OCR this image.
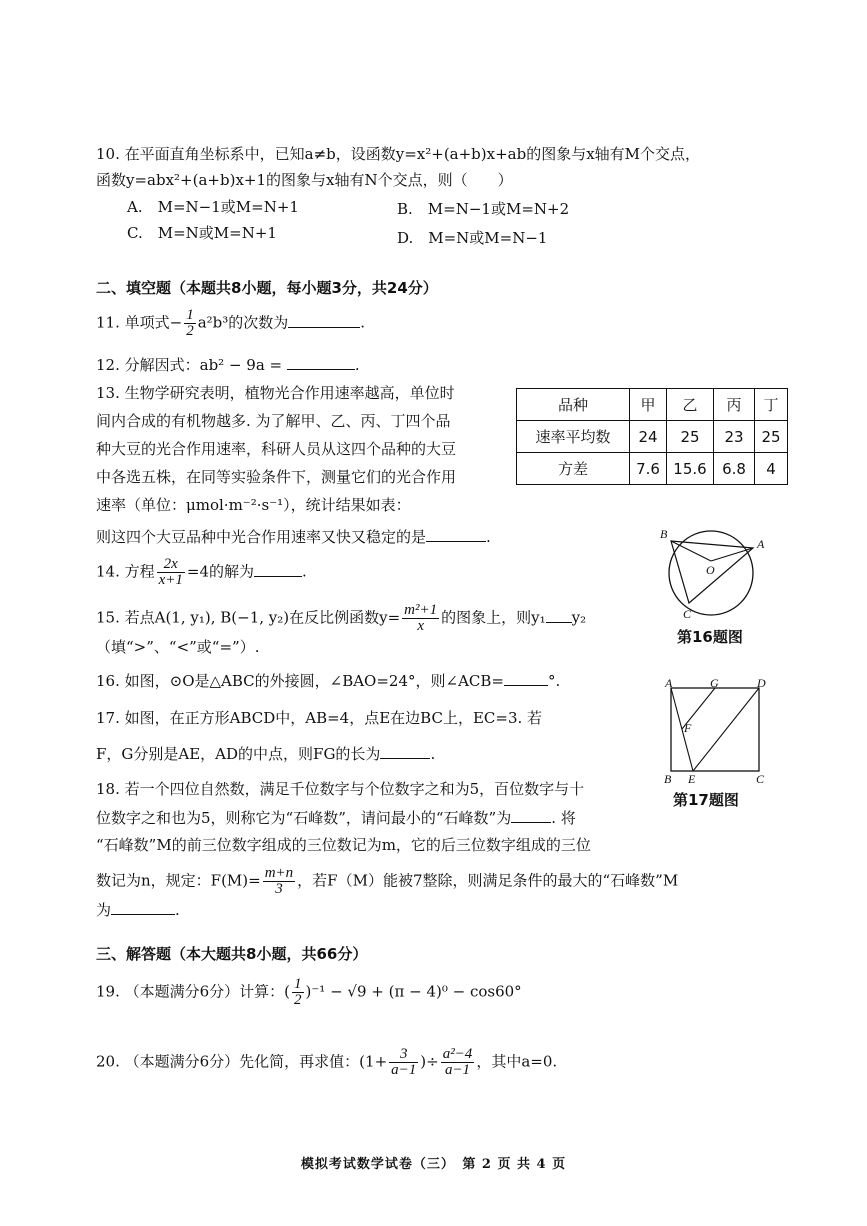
10. 在平面直角坐标系中，已知a≠b，设函数y=x²+(a+b)x+ab的图象与x轴有M个交点，
函数y=abx²+(a+b)x+1的图象与x轴有N个交点，则（　　）
A.　M=N−1或M=N+1	B.　M=N−1或M=N+2
C.　M=N或M=N+1	D.　M=N或M=N−1
二、填空题（本题共8小题，每小题3分，共24分）
11. 单项式− $\frac{1}{2} a^2b^3$的次数为	.
12. 分解因式：ab² − 9a =	.
13. 生物学研究表明，植物光合作用速率越高，单位时
间内合成的有机物越多. 为了解甲、乙、丙、丁四个品
种大豆的光合作用速率，科研人员从这四个品种的大豆
中各选五株，在同等实验条件下，测量它们的光合作用
速率（单位：μmol·m⁻²·s⁻¹），统计结果如表：
则这四个大豆品种中光合作用速率又快又稳定的是	.
品种	甲	乙	丙	丁
速率平均数	24	25	23	25
方差	7.6	15.6	6.8	4
14. 方程 $\frac{2x}{x+1} =4$的解为	.
15. 若点A(1, y₁), B(−1, y₂)在反比例函数$y= \frac{\text{m²+1}}{x}$ 的图象上，则y₁ y₂
（填“>”、“<”或“=”）.
16. 如图，⊙O是△ABC的外接圆，∠BAO=24°，则∠ACB=	°.
17. 如图，在正方形ABCD中，AB=4，点E在边BC上，EC=3. 若
F，G分别是AE，AD的中点，则FG的长为	.
18. 若一个四位自然数，满足千位数字与个位数字之和为5，百位数字与十
位数字之和也为5，则称它为“石峰数”，请问最小的“石峰数”为	. 将
“石峰数”M的前三位数字组成的三位数记为m，它的后三位数字组成的三位
数记为n，规定：$F(M)= \frac{m+n}{3}$ ，若F（M）能被7整除，则满足条件的最大的“石峰数”M
为	.
三、解答题（本大题共8小题，共66分）
19. （本题满分6分）计算：( $\frac{1}{2} )^{-1} - √9 + (\pi - 4)^0 - \cos 60^\circ$
20. （本题满分6分）先化简，再求值：($1+ \frac{3}{a-1}$ )÷ $\frac{\text{a²−4}}{a-1}$ ，其中a=0.
B
A
O
C
第16题图
A	G	D
F
B E	C
第17题图
模拟考试数学试卷（三）　第 2 页 共 4 页
